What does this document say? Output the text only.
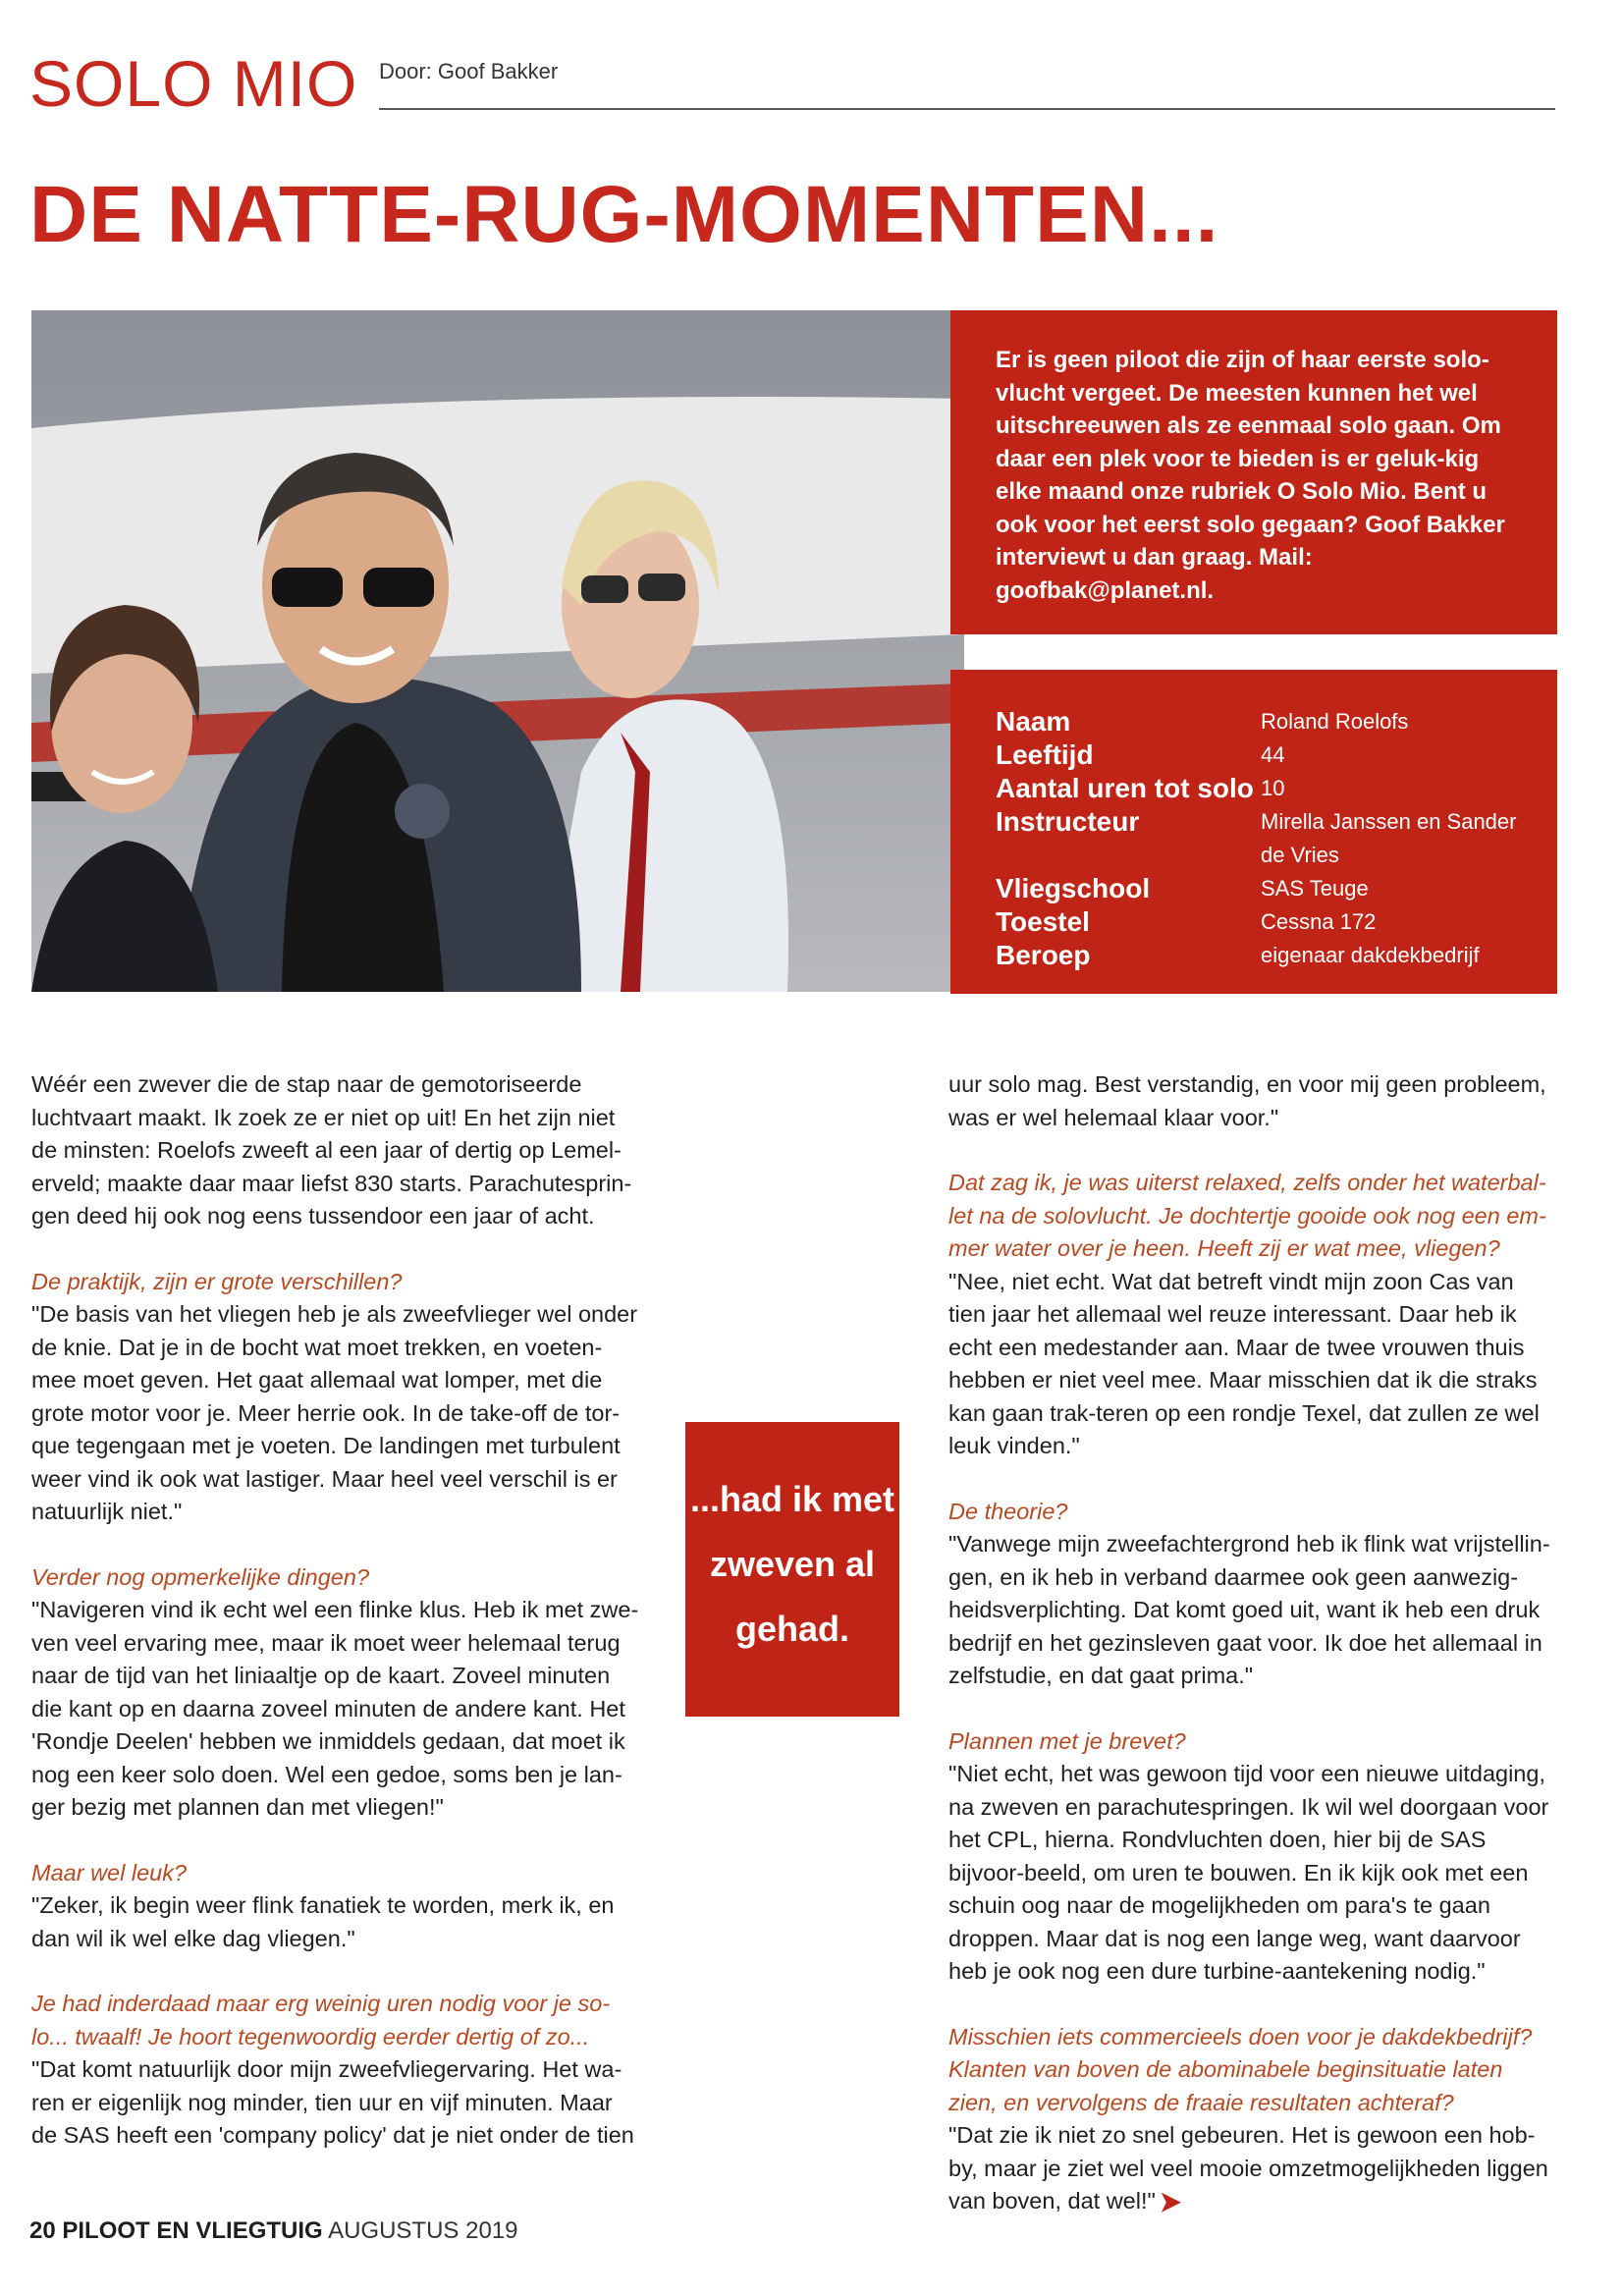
SOLO MIO Door: Goof Bakker
DE NATTE-RUG-MOMENTEN...
Er is geen piloot die zijn of haar eerste solo-vlucht vergeet. De meesten kunnen het wel uitschreeuwen als ze eenmaal solo gaan. Om daar een plek voor te bieden is er geluk-kig elke maand onze rubriek O Solo Mio. Bent u ook voor het eerst solo gegaan? Goof Bakker interviewt u dan graag. Mail: goofbak@planet.nl.
Naam	Roland Roelofs
Leeftijd	44
Aantal uren tot solo 10
Instructeur	Mirella Janssen en Sander de Vries
Vliegschool	SAS Teuge
Toestel	Cessna 172
Beroep	eigenaar dakdekbedrijf

Wéér een zwever die de stap naar de gemotoriseerde luchtvaart maakt. Ik zoek ze er niet op uit! En het zijn niet de minsten: Roelofs zweeft al een jaar of dertig op Lemel-erveld; maakte daar maar liefst 830 starts. Parachutesprin-gen deed hij ook nog eens tussendoor een jaar of acht.

De praktijk, zijn er grote verschillen?

"De basis van het vliegen heb je als zweefvlieger wel onder de knie. Dat je in de bocht wat moet trekken, en voeten-mee moet geven. Het gaat allemaal wat lomper, met die grote motor voor je. Meer herrie ook. In de take-off de tor-que tegengaan met je voeten. De landingen met turbulent weer vind ik ook wat lastiger. Maar heel veel verschil is er natuurlijk niet."

Verder nog opmerkelijke dingen?

"Navigeren vind ik echt wel een flinke klus. Heb ik met zwe-ven veel ervaring mee, maar ik moet weer helemaal terug naar de tijd van het liniaaltje op de kaart. Zoveel minuten die kant op en daarna zoveel minuten de andere kant. Het 'Rondje Deelen' hebben we inmiddels gedaan, dat moet ik nog een keer solo doen. Wel een gedoe, soms ben je lan-ger bezig met plannen dan met vliegen!"

Maar wel leuk?

"Zeker, ik begin weer flink fanatiek te worden, merk ik, en dan wil ik wel elke dag vliegen."

Je had inderdaad maar erg weinig uren nodig voor je so-lo... twaalf! Je hoort tegenwoordig eerder dertig of zo...

"Dat komt natuurlijk door mijn zweefvliegervaring. Het wa-ren er eigenlijk nog minder, tien uur en vijf minuten. Maar de SAS heeft een 'company policy' dat je niet onder de tien

...had ik met zweven al gehad.

uur solo mag. Best verstandig, en voor mij geen probleem, was er wel helemaal klaar voor."

Dat zag ik, je was uiterst relaxed, zelfs onder het waterbal-let na de solovlucht. Je dochtertje gooide ook nog een em-mer water over je heen. Heeft zij er wat mee, vliegen?

"Nee, niet echt. Wat dat betreft vindt mijn zoon Cas van tien jaar het allemaal wel reuze interessant. Daar heb ik echt een medestander aan. Maar de twee vrouwen thuis hebben er niet veel mee. Maar misschien dat ik die straks kan gaan trak-teren op een rondje Texel, dat zullen ze wel leuk vinden."

De theorie?

"Vanwege mijn zweefachtergrond heb ik flink wat vrijstellin-gen, en ik heb in verband daarmee ook geen aanwezig-heidsverplichting. Dat komt goed uit, want ik heb een druk bedrijf en het gezinsleven gaat voor. Ik doe het allemaal in zelfstudie, en dat gaat prima."

Plannen met je brevet?

"Niet echt, het was gewoon tijd voor een nieuwe uitdaging, na zweven en parachutespringen. Ik wil wel doorgaan voor het CPL, hierna. Rondvluchten doen, hier bij de SAS bijvoor-beeld, om uren te bouwen. En ik kijk ook met een schuin oog naar de mogelijkheden om para's te gaan droppen. Maar dat is nog een lange weg, want daarvoor heb je ook nog een dure turbine-aantekening nodig."

Misschien iets commercieels doen voor je dakdekbedrijf? Klanten van boven de abominabele beginsituatie laten zien, en vervolgens de fraaie resultaten achteraf?

"Dat zie ik niet zo snel gebeuren. Het is gewoon een hob-by, maar je ziet wel veel mooie omzetmogelijkheden liggen van boven, dat wel!"

20 PILOOT EN VLIEGTUIG AUGUSTUS 2019
